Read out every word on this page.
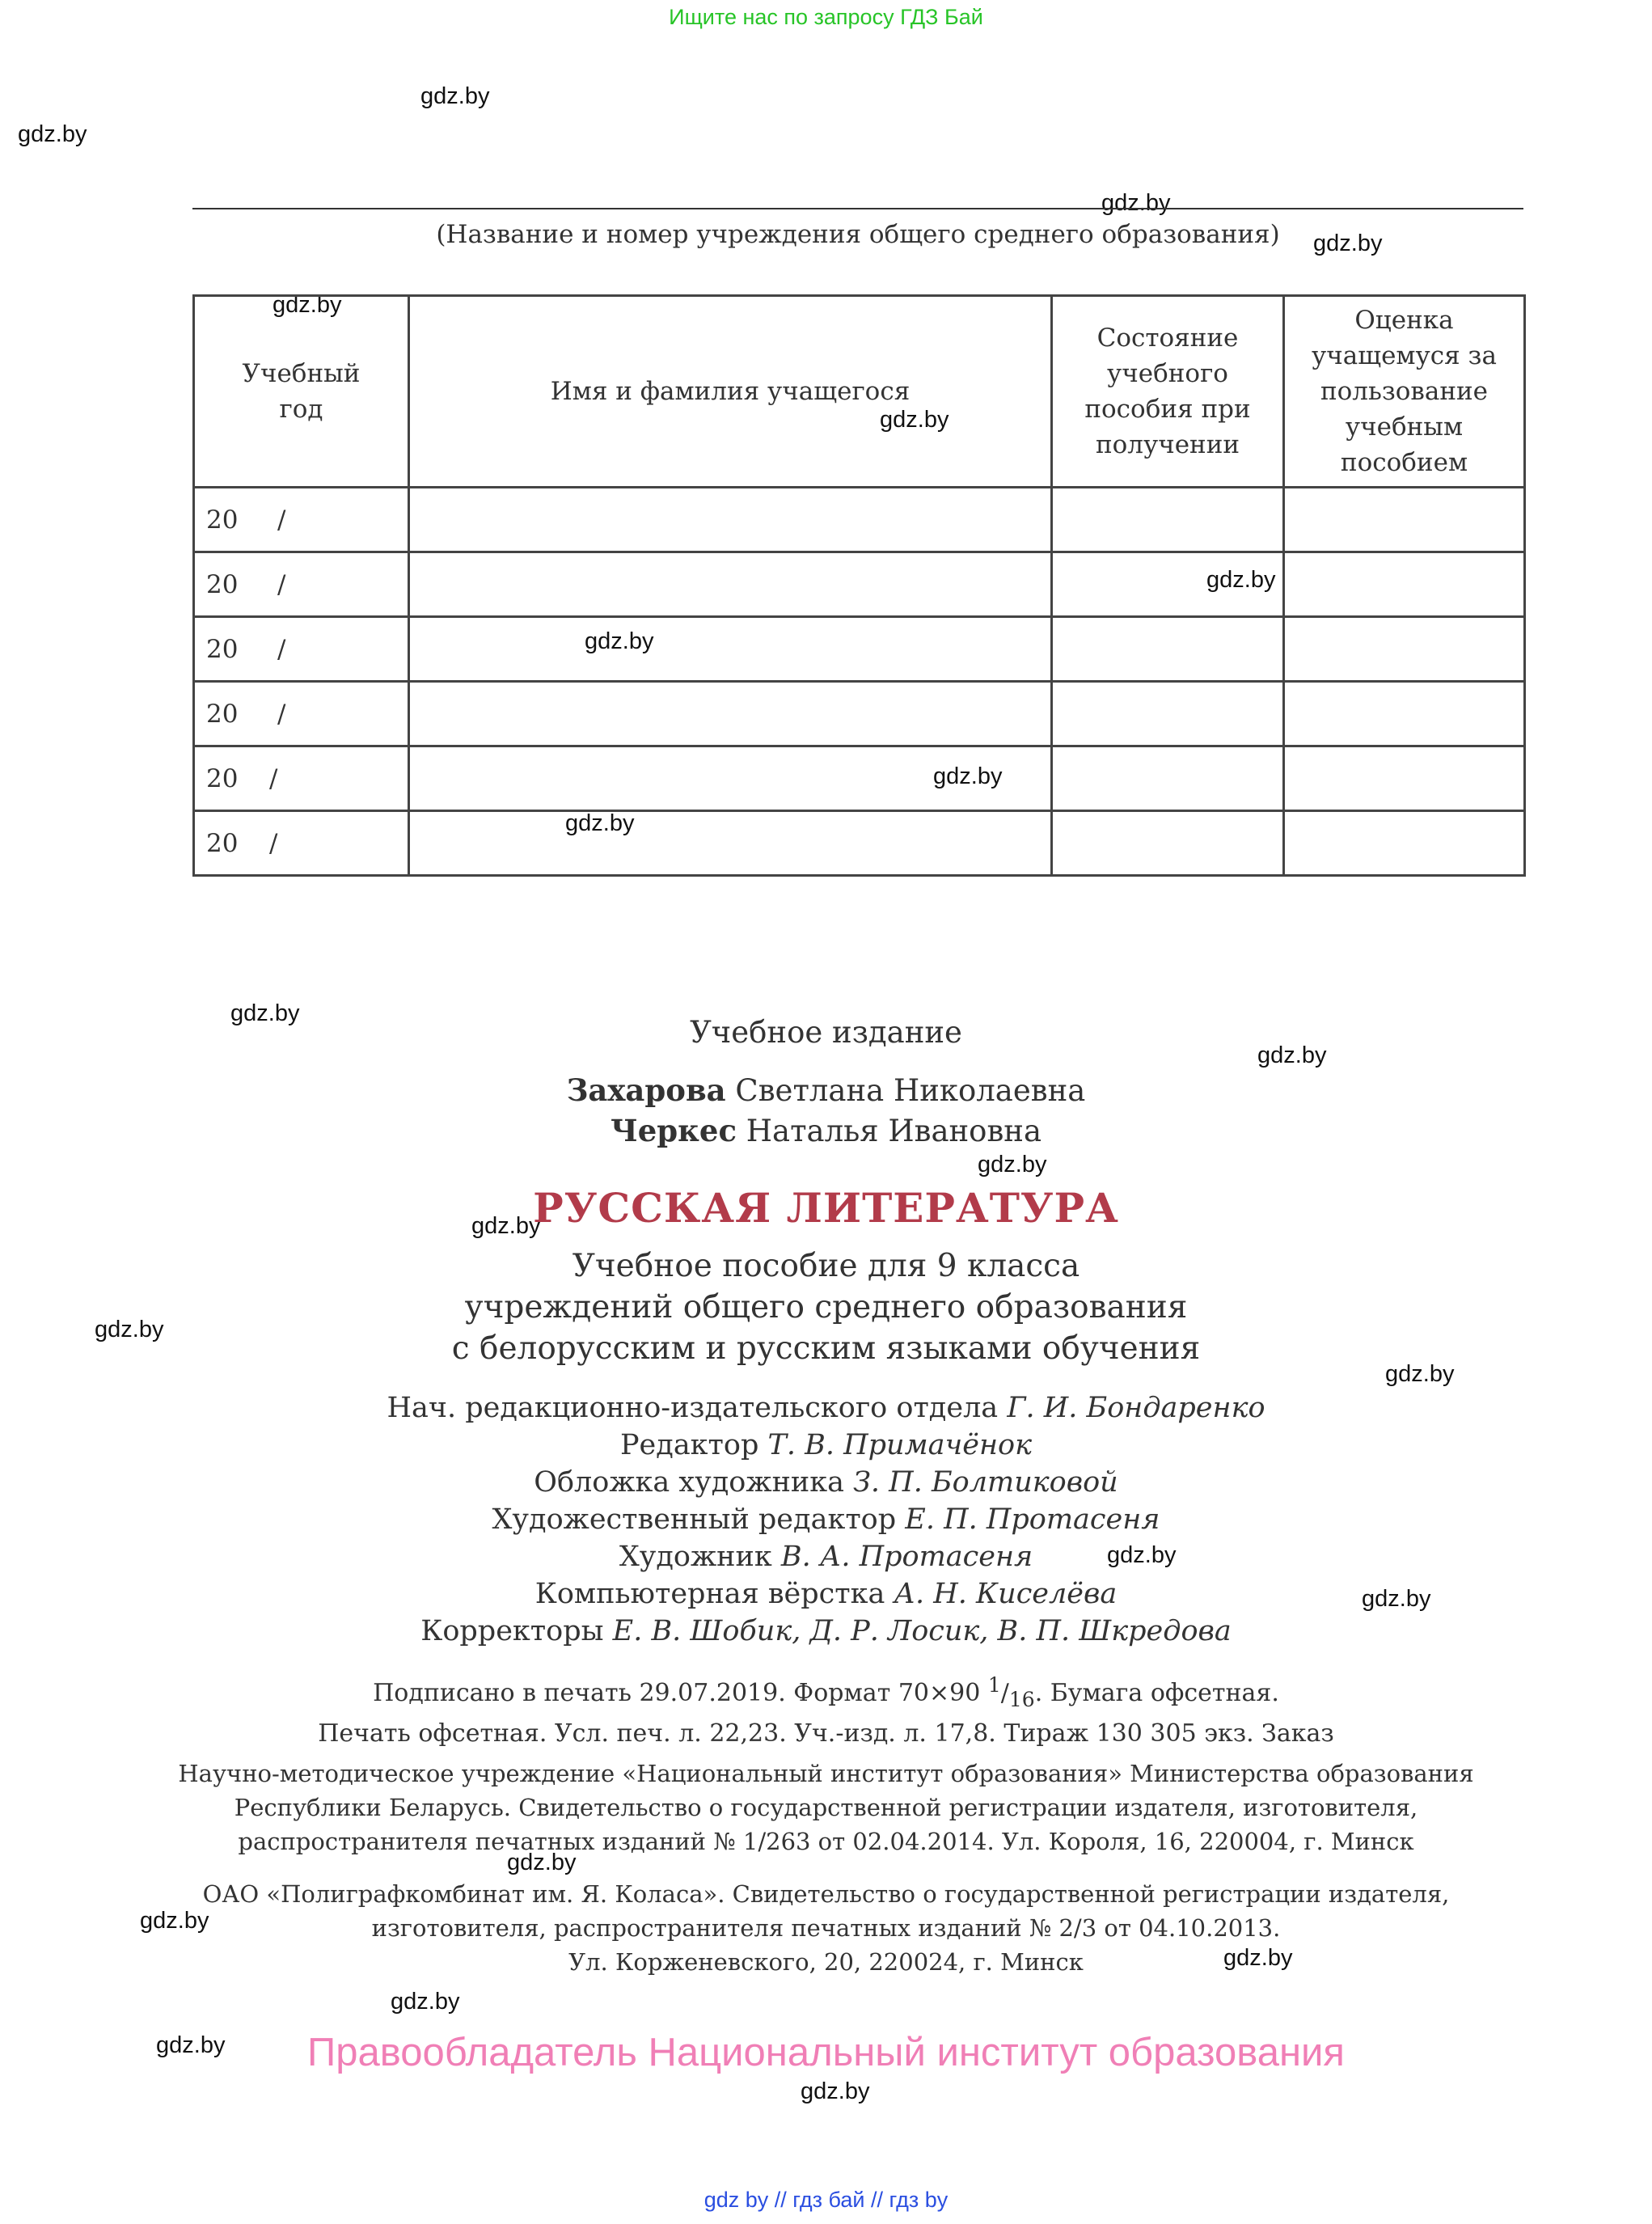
Ищите нас по запросу ГДЗ Бай
gdz.by
gdz.by
gdz.by
gdz.by
gdz.by
gdz.by
gdz.by
gdz.by
gdz.by
gdz.by
gdz.by
gdz.by
gdz.by
gdz.by
gdz.by
gdz.by
gdz.by
gdz.by
gdz.by
gdz.by
gdz.by
gdz.by
gdz.by
gdz.by
(Название и номер учреждения общего среднего образования)
Учебный год	Имя и фамилия учащегося	Состояние учебного пособия при получении	Оценка учащемуся за пользование учебным пособием
20 /			
20 /			
20 /			
20 /			
20 /			
20 /			
Учебное издание
Захарова Светлана Николаевна
Черкес Наталья Ивановна
РУССКАЯ ЛИТЕРАТУРА
Учебное пособие для 9 класса
учреждений общего среднего образования
с белорусским и русским языками обучения
Нач. редакционно-издательского отдела Г. И. Бондаренко
Редактор Т. В. Примачёнок
Обложка художника З. П. Болтиковой
Художественный редактор Е. П. Протасеня
Художник В. А. Протасеня
Компьютерная вёрстка А. Н. Киселёва
Корректоры Е. В. Шобик, Д. Р. Лосик, В. П. Шкредова
Подписано в печать 29.07.2019. Формат 70×90 $^1/_{16}$. Бумага офсетная.
Печать офсетная. Усл. печ. л. 22,23. Уч.-изд. л. 17,8. Тираж 130 305 экз. Заказ
Научно-методическое учреждение «Национальный институт образования» Министерства образования
Республики Беларусь. Свидетельство о государственной регистрации издателя, изготовителя,
распространителя печатных изданий № 1/263 от 02.04.2014. Ул. Короля, 16, 220004, г. Минск
ОАО «Полиграфкомбинат им. Я. Коласа». Свидетельство о государственной регистрации издателя,
изготовителя, распространителя печатных изданий № 2/3 от 04.10.2013.
Ул. Корженевского, 20, 220024, г. Минск
Правообладатель Национальный институт образования
gdz by // гдз бай // гдз by
